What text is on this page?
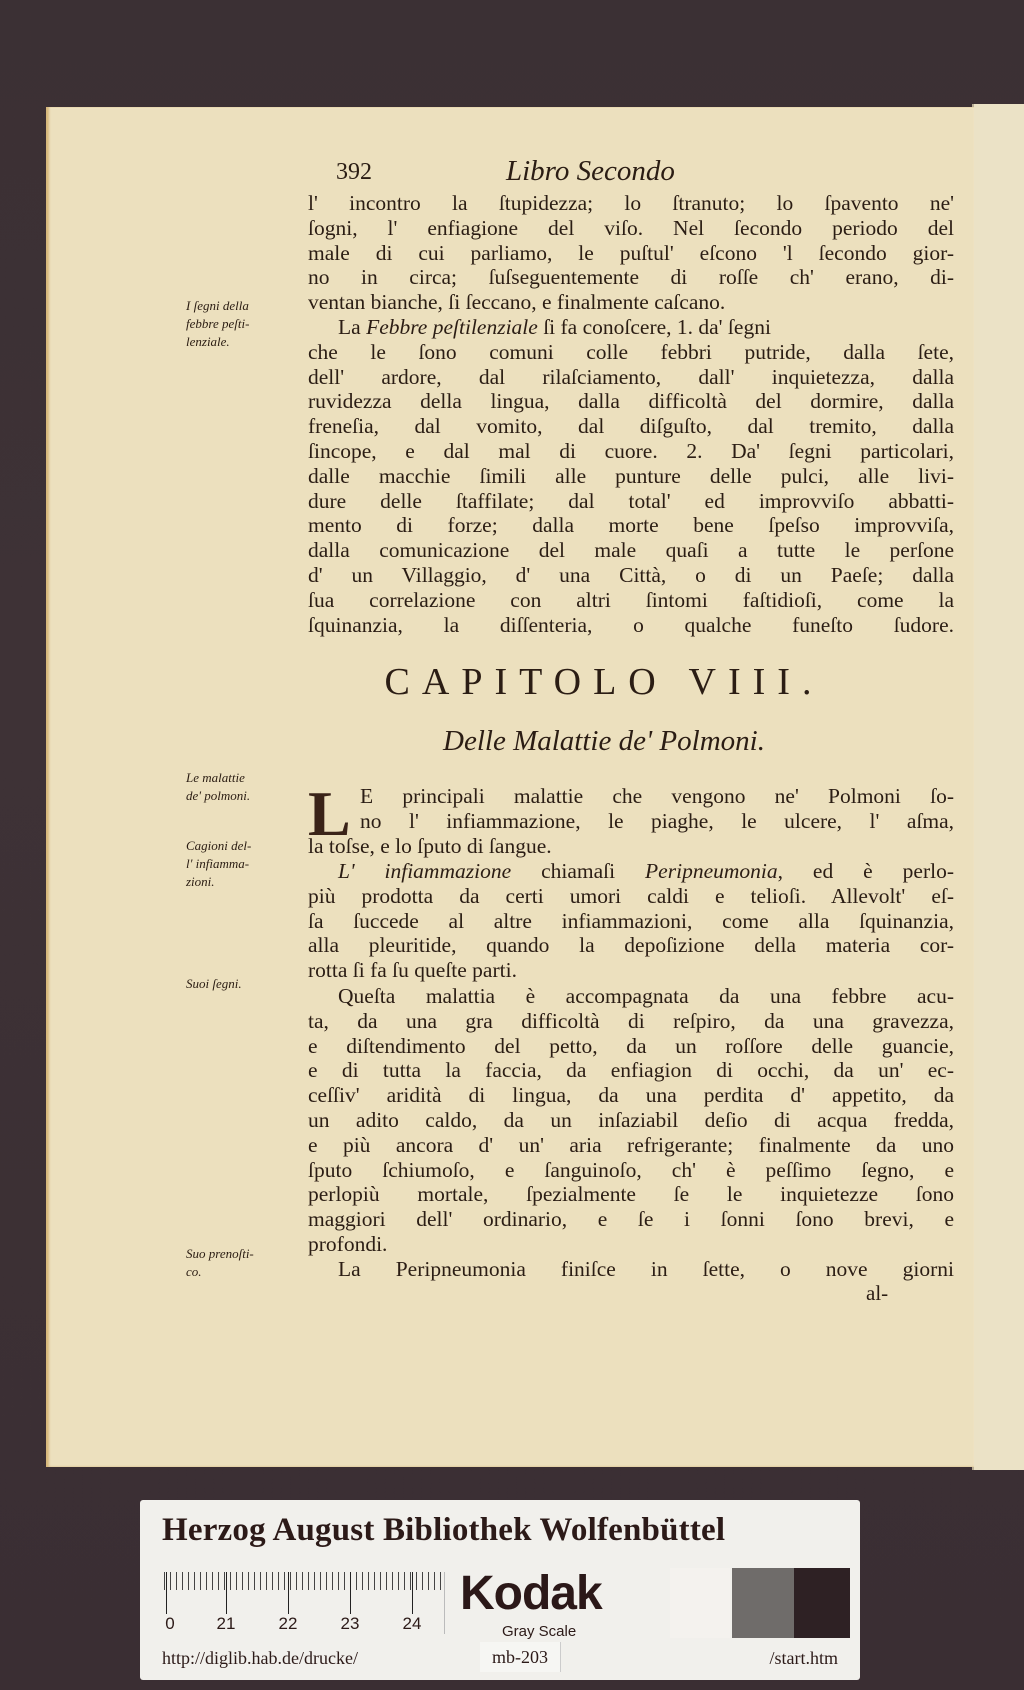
392	Libro Secondo
l' incontro la ſtupidezza; lo ſtranuto; lo ſpavento ne'
ſogni, l' enfiagione del viſo. Nel ſecondo periodo del
male di cui parliamo, le puſtul' eſcono 'l ſecondo gior-
no in circa; ſuſseguentemente di roſſe ch' erano, di-
ventan bianche, ſi ſeccano, e finalmente caſcano.
La Febbre peſtilenziale ſi fa conoſcere, 1. da' ſegni
che le ſono comuni colle febbri putride, dalla ſete,
dell' ardore, dal rilaſciamento, dall' inquietezza, dalla
ruvidezza della lingua, dalla difficoltà del dormire, dalla
freneſia, dal vomito, dal diſguſto, dal tremito, dalla
ſincope, e dal mal di cuore. 2. Da' ſegni particolari,
dalle macchie ſimili alle punture delle pulci, alle livi-
dure delle ſtaffilate; dal total' ed improvviſo abbatti-
mento di forze; dalla morte bene ſpeſso improvviſa,
dalla comunicazione del male quaſi a tutte le perſone
d' un Villaggio, d' una Città, o di un Paeſe; dalla
ſua correlazione con altri ſintomi faſtidioſi, come la
ſquinanzia, la diſſenteria, o qualche funeſto ſudore.
CAPITOLO VIII.
Delle Malattie de' Polmoni.
L E principali malattie che vengono ne' Polmoni ſo-
no l' infiammazione, le piaghe, le ulcere, l' aſma,
la toſse, e lo ſputo di ſangue.
L' infiammazione chiamaſi Peripneumonia, ed è perlo-
più prodotta da certi umori caldi e telioſi. Allevolt' eſ-
ſa ſuccede al altre infiammazioni, come alla ſquinanzia,
alla pleuritide, quando la depoſizione della materia cor-
rotta ſi fa ſu queſte parti.
Queſta malattia è accompagnata da una febbre acu-
ta, da una gra difficoltà di reſpiro, da una gravezza,
e diſtendimento del petto, da un roſſore delle guancie,
e di tutta la faccia, da enfiagion di occhi, da un' ec-
ceſſiv' aridità di lingua, da una perdita d' appetito, da
un adito caldo, da un inſaziabil deſio di acqua fredda,
e più ancora d' un' aria refrigerante; finalmente da uno
ſputo ſchiumoſo, e ſanguinoſo, ch' è peſſimo ſegno, e
perlopiù mortale, ſpezialmente ſe le inquietezze ſono
maggiori dell' ordinario, e ſe i ſonni ſono brevi, e
profondi.
La Peripneumonia finiſce in ſette, o nove giorni
al-
I ſegni della
febbre peſti-
lenziale.
Le malattie
de' polmoni.
Cagioni del-
l' infiamma-
zioni.
Suoi ſegni.
Suo prenoſti-
co.
Herzog August Bibliothek Wolfenbüttel
0 21	22	23	24
Kodak
Gray Scale
http://diglib.hab.de/drucke/	mb-203	/start.htm
